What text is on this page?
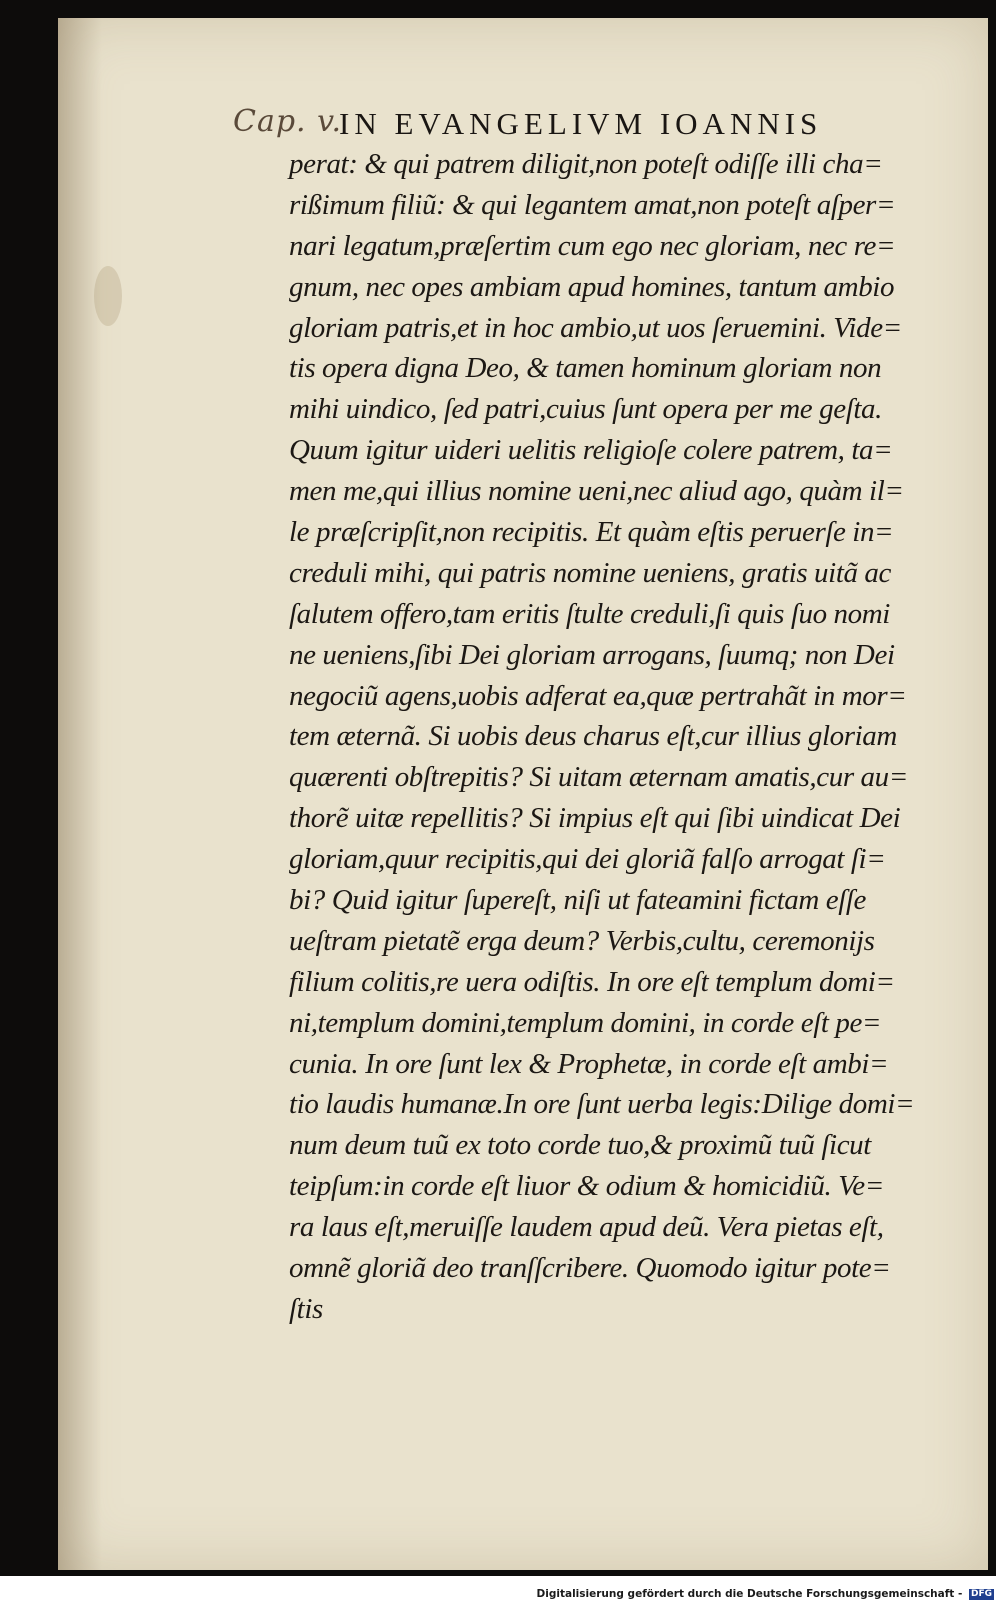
Cap. v.
IN EVANGELIVM IOANNIS
perat: & qui patrem diligit,non poteſt odiſſe illi cha=
rißimum filiũ: & qui legantem amat,non poteſt aſper=
nari legatum,præſertim cum ego nec gloriam, nec re=
gnum, nec opes ambiam apud homines, tantum ambio
gloriam patris,et in hoc ambio,ut uos ſeruemini. Vide=
tis opera digna Deo, & tamen hominum gloriam non
mihi uindico, ſed patri,cuius ſunt opera per me geſta.
Quum igitur uideri uelitis religioſe colere patrem, ta=
men me,qui illius nomine ueni,nec aliud ago, quàm il=
le præſcripſit,non recipitis. Et quàm eſtis peruerſe in=
creduli mihi, qui patris nomine ueniens, gratis uitã ac
ſalutem offero,tam eritis ſtulte creduli,ſi quis ſuo nomi
ne ueniens,ſibi Dei gloriam arrogans, ſuumq; non Dei
negociũ agens,uobis adferat ea,quæ pertrahãt in mor=
tem æternã. Si uobis deus charus eſt,cur illius gloriam
quærenti obſtrepitis? Si uitam æternam amatis,cur au=
thorẽ uitæ repellitis? Si impius eſt qui ſibi uindicat Dei
gloriam,quur recipitis,qui dei gloriã falſo arrogat ſi=
bi? Quid igitur ſupereſt, niſi ut fateamini fictam eſſe
ueſtram pietatẽ erga deum? Verbis,cultu, ceremonijs
filium colitis,re uera odiſtis. In ore eſt templum domi=
ni,templum domini,templum domini, in corde eſt pe=
cunia. In ore ſunt lex & Prophetæ, in corde eſt ambi=
tio laudis humanæ.In ore ſunt uerba legis:Dilige domi=
num deum tuũ ex toto corde tuo,& proximũ tuũ ſicut
teipſum:in corde eſt liuor & odium & homicidiũ. Ve=
ra laus eſt,meruiſſe laudem apud deũ. Vera pietas eſt,
omnẽ gloriã deo tranſſcribere. Quomodo igitur pote=
ſtis
Digitalisierung gefördert durch die Deutsche Forschungsgemeinschaft - DFG
